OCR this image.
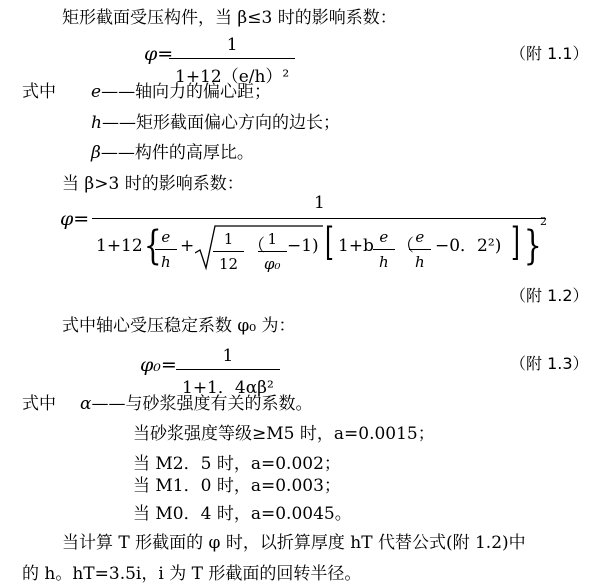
矩形截面受压构件，当 β≤3 时的影响系数：
φ=
$\frac{1}{\text{1+12（e/h）²}}$	（附 1.1）
式中 e——轴向力的偏心距；
h——矩形截面偏心方向的边长；
β——构件的高厚比。
当 β>3 时的影响系数：
φ=
1
1+12 {
$\frac{e}{h} + \frac{1}{12}$ （
$\frac{1}{\text{φ₀}} -1$) [ $1+b \frac{e}{h}$ （
$\frac{e}{h} -0$．2²) ] }
2
（附 1.2）
式中轴心受压稳定系数 φ₀ 为：
$\varphi_0= \frac{1}{\text{1+1．4αβ²}}$	（附 1.3）
式中 α——与砂浆强度有关的系数。
当砂浆强度等级≥M5 时，a=0.0015；
当 M2．5 时，a=0.002；
当 M1．0 时，a=0.003；
当 M0．4 时，a=0.0045。
当计算 T 形截面的 φ 时，以折算厚度 hT 代替公式(附 1.2)中
的 h。hT=3.5i，i 为 T 形截面的回转半径。
